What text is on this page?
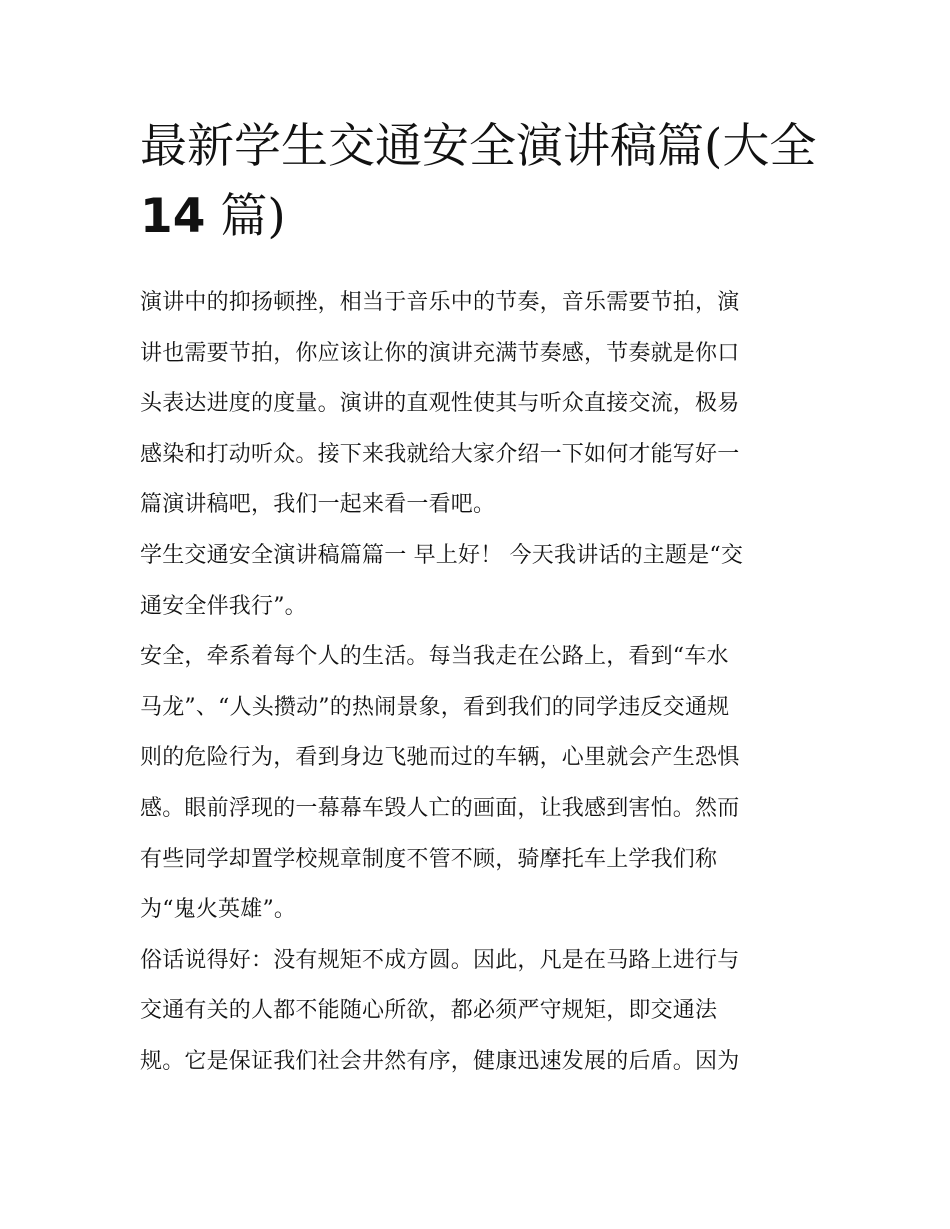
最新学生交通安全演讲稿篇(大全14 篇)

演讲中的抑扬顿挫，相当于音乐中的节奏，音乐需要节拍，演
讲也需要节拍，你应该让你的演讲充满节奏感，节奏就是你口
头表达进度的度量。演讲的直观性使其与听众直接交流，极易
感染和打动听众。接下来我就给大家介绍一下如何才能写好一
篇演讲稿吧，我们一起来看一看吧。

学生交通安全演讲稿篇篇一 早上好！ 今天我讲话的主题是“交
通安全伴我行”。

安全，牵系着每个人的生活。每当我走在公路上，看到“车水
马龙”、“人头攒动”的热闹景象，看到我们的同学违反交通规
则的危险行为，看到身边飞驰而过的车辆，心里就会产生恐惧
感。眼前浮现的一幕幕车毁人亡的画面，让我感到害怕。然而
有些同学却置学校规章制度不管不顾，骑摩托车上学我们称
为“鬼火英雄”。

俗话说得好：没有规矩不成方圆。因此，凡是在马路上进行与
交通有关的人都不能随心所欲，都必须严守规矩，即交通法
规。它是保证我们社会井然有序，健康迅速发展的后盾。因为
